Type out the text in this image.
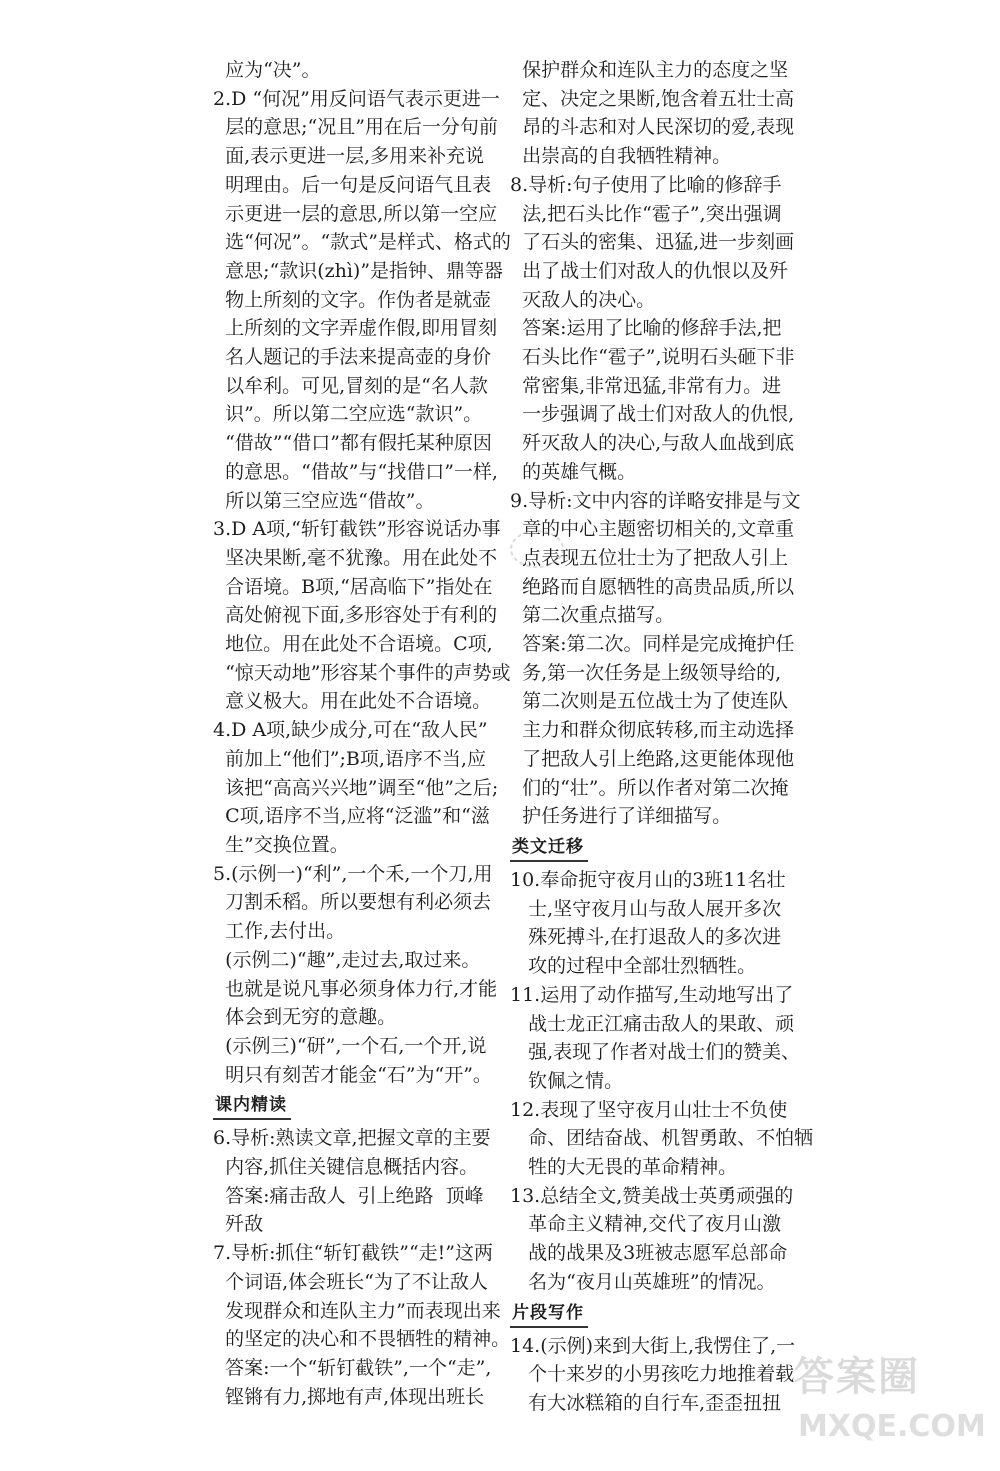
应为“决”。
2.D “何况”用反问语气表示更进一
层的意思;“况且”用在后一分句前
面,表示更进一层,多用来补充说
明理由。后一句是反问语气且表
示更进一层的意思,所以第一空应
选“何况”。“款式”是样式、格式的
意思;“款识(zhì)”是指钟、鼎等器
物上所刻的文字。作伪者是就壶
上所刻的文字弄虚作假,即用冒刻
名人题记的手法来提高壶的身价
以牟利。可见,冒刻的是“名人款
识”。所以第二空应选“款识”。
“借故”“借口”都有假托某种原因
的意思。“借故”与“找借口”一样,
所以第三空应选“借故”。
3.D A项,“斩钉截铁”形容说话办事
坚决果断,毫不犹豫。用在此处不
合语境。B项,“居高临下”指处在
高处俯视下面,多形容处于有利的
地位。用在此处不合语境。C项,
“惊天动地”形容某个事件的声势或
意义极大。用在此处不合语境。
4.D A项,缺少成分,可在“敌人民”
前加上“他们”;B项,语序不当,应
该把“高高兴兴地”调至“他”之后;
C项,语序不当,应将“泛滥”和“滋
生”交换位置。
5.(示例一)“利”,一个禾,一个刀,用
刀割禾稻。所以要想有利必须去
工作,去付出。
(示例二)“趣”,走过去,取过来。
也就是说凡事必须身体力行,才能
体会到无穷的意趣。
(示例三)“研”,一个石,一个开,说
明只有刻苦才能金“石”为“开”。
课内精读
6.导析:熟读文章,把握文章的主要
内容,抓住关键信息概括内容。
答案:痛击敌人  引上绝路  顶峰
歼敌
7.导析:抓住“斩钉截铁”“走!”这两
个词语,体会班长“为了不让敌人
发现群众和连队主力”而表现出来
的坚定的决心和不畏牺牲的精神。
答案:一个“斩钉截铁”,一个“走”,
铿锵有力,掷地有声,体现出班长
保护群众和连队主力的态度之坚
定、决定之果断,饱含着五壮士高
昂的斗志和对人民深切的爱,表现
出崇高的自我牺牲精神。
8.导析:句子使用了比喻的修辞手
法,把石头比作“雹子”,突出强调
了石头的密集、迅猛,进一步刻画
出了战士们对敌人的仇恨以及歼
灭敌人的决心。
答案:运用了比喻的修辞手法,把
石头比作“雹子”,说明石头砸下非
常密集,非常迅猛,非常有力。进
一步强调了战士们对敌人的仇恨,
歼灭敌人的决心,与敌人血战到底
的英雄气概。
9.导析:文中内容的详略安排是与文
章的中心主题密切相关的,文章重
点表现五位壮士为了把敌人引上
绝路而自愿牺牲的高贵品质,所以
第二次重点描写。
答案:第二次。同样是完成掩护任
务,第一次任务是上级领导给的,
第二次则是五位战士为了使连队
主力和群众彻底转移,而主动选择
了把敌人引上绝路,这更能体现他
们的“壮”。所以作者对第二次掩
护任务进行了详细描写。
类文迁移
10.奉命扼守夜月山的3班11名壮
士,坚守夜月山与敌人展开多次
殊死搏斗,在打退敌人的多次进
攻的过程中全部壮烈牺牲。
11.运用了动作描写,生动地写出了
战士龙正江痛击敌人的果敢、顽
强,表现了作者对战士们的赞美、
钦佩之情。
12.表现了坚守夜月山壮士不负使
命、团结奋战、机智勇敢、不怕牺
牲的大无畏的革命精神。
13.总结全文,赞美战士英勇顽强的
革命主义精神,交代了夜月山激
战的战果及3班被志愿军总部命
名为“夜月山英雄班”的情况。
片段写作
14.(示例)来到大街上,我愣住了,一
个十来岁的小男孩吃力地推着载
有大冰糕箱的自行车,歪歪扭扭
答案圈
MXQE.COM
